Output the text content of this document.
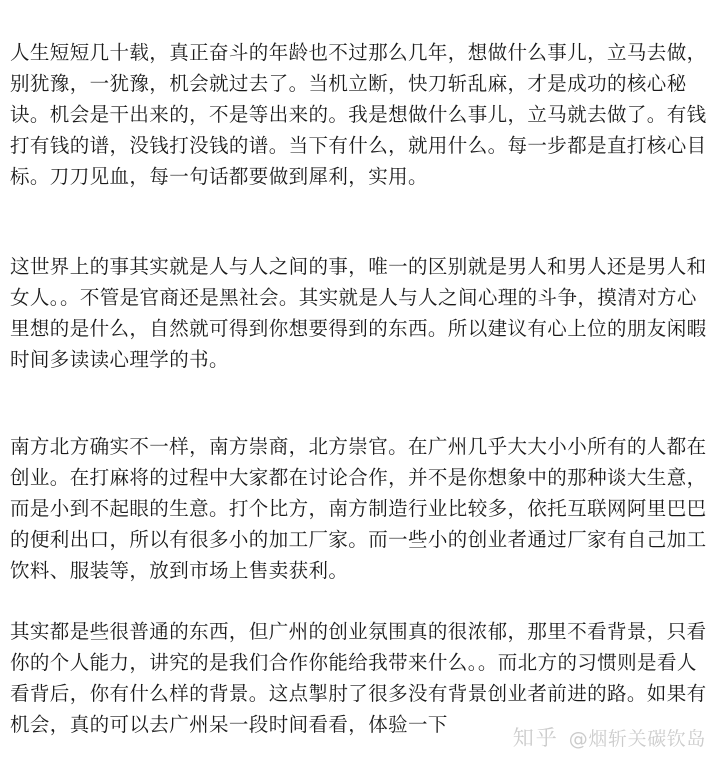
人生短短几十载，真正奋斗的年龄也不过那么几年，想做什么事儿，立马去做，别犹豫，一犹豫，机会就过去了。当机立断，快刀斩乱麻，才是成功的核心秘诀。机会是干出来的，不是等出来的。我是想做什么事儿，立马就去做了。有钱打有钱的谱，没钱打没钱的谱。当下有什么，就用什么。每一步都是直打核心目标。刀刀见血，每一句话都要做到犀利，实用。

这世界上的事其实就是人与人之间的事，唯一的区别就是男人和男人还是男人和女人。。不管是官商还是黑社会。其实就是人与人之间心理的斗争，摸清对方心里想的是什么，自然就可得到你想要得到的东西。所以建议有心上位的朋友闲暇时间多读读心理学的书。

南方北方确实不一样，南方崇商，北方崇官。在广州几乎大大小小所有的人都在创业。在打麻将的过程中大家都在讨论合作，并不是你想象中的那种谈大生意，而是小到不起眼的生意。打个比方，南方制造行业比较多，依托互联网阿里巴巴的便利出口，所以有很多小的加工厂家。而一些小的创业者通过厂家有自己加工饮料、服装等，放到市场上售卖获利。

其实都是些很普通的东西，但广州的创业氛围真的很浓郁，那里不看背景，只看你的个人能力，讲究的是我们合作你能给我带来什么。。而北方的习惯则是看人看背后，你有什么样的背景。这点掣肘了很多没有背景创业者前进的路。如果有机会，真的可以去广州呆一段时间看看，体验一下

知乎 @烟斩关碳钦岛
